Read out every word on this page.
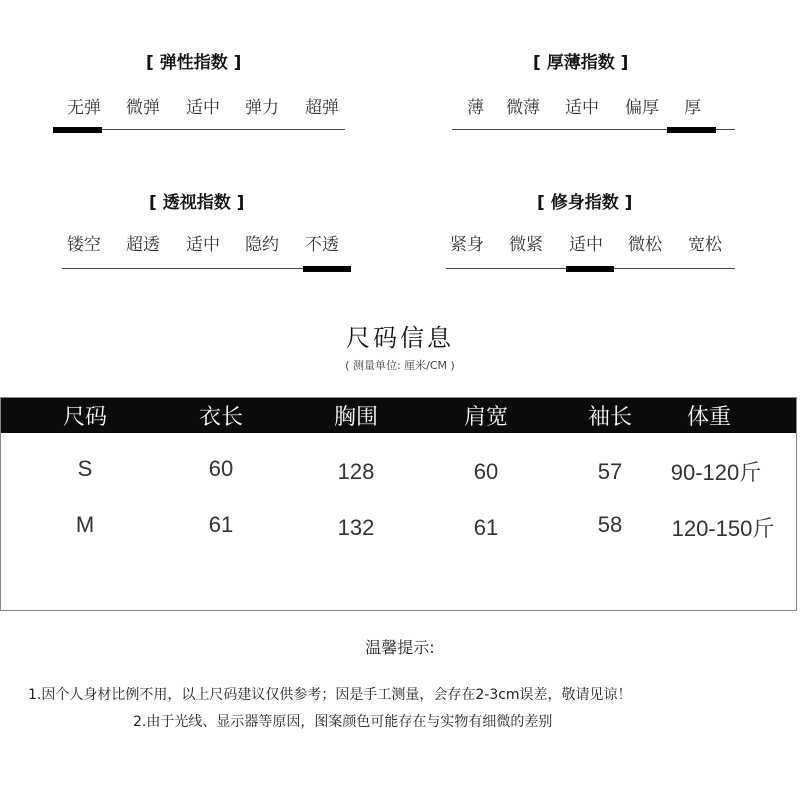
[ 弹性指数 ]
无弹 微弹 适中 弹力 超弹
[ 厚薄指数 ]
薄 微薄 适中 偏厚 厚
[ 透视指数 ]
镂空 超透 适中 隐约 不透
[ 修身指数 ]
紧身 微紧 适中 微松 宽松
尺码信息
( 测量单位: 厘米/CM )
尺码	衣长	胸围	肩宽	袖长 体重
S	60	128	60	57 90-120斤
M	61	132	61	58 120-150斤
温馨提示:
1.因个人身材比例不用，以上尺码建议仅供参考；因是手工测量，会存在2-3cm误差，敬请见谅！
2.由于光线、显示器等原因，图案颜色可能存在与实物有细微的差别
